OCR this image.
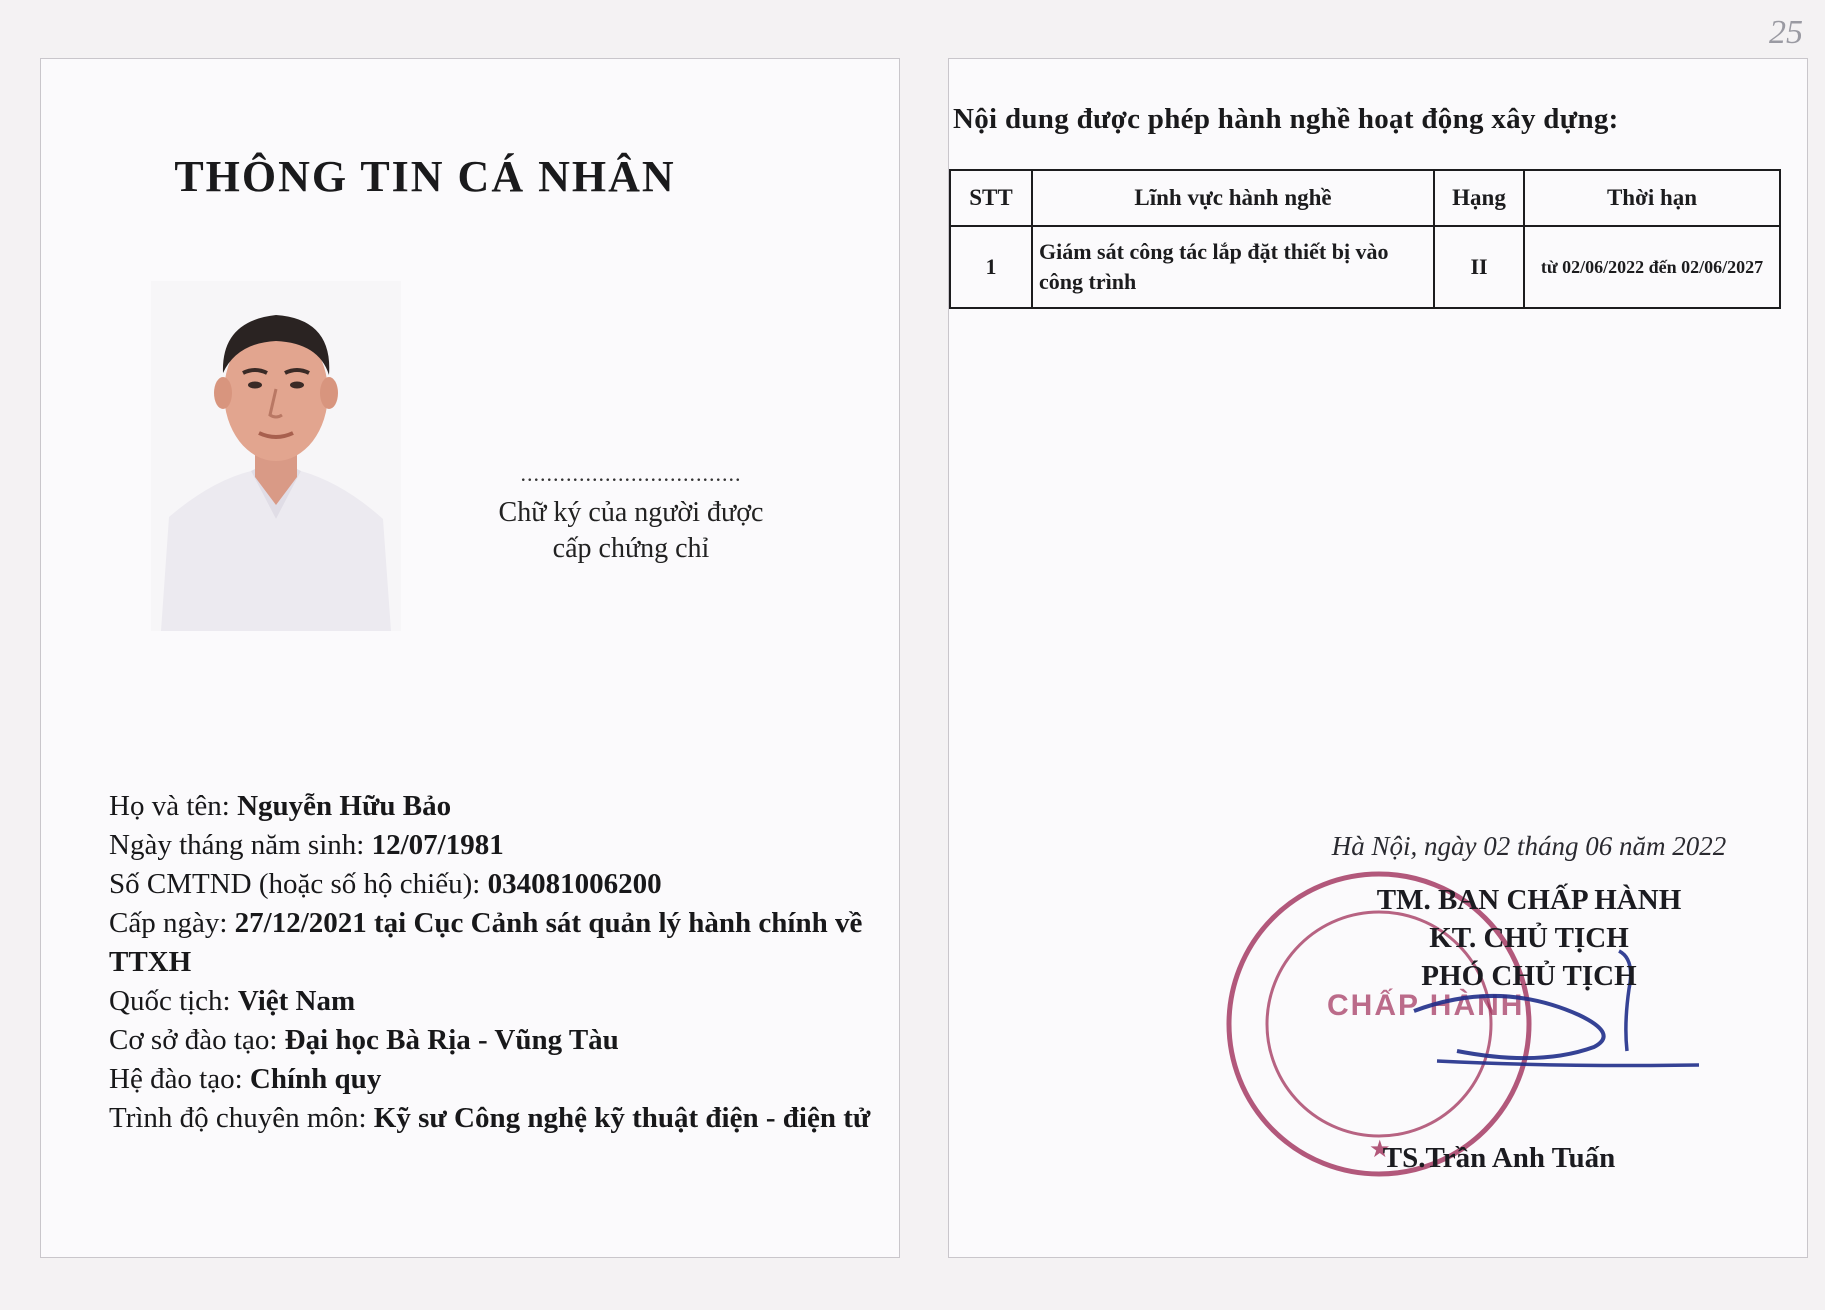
25
THÔNG TIN CÁ NHÂN
..................................
Chữ ký của người được
cấp chứng chỉ

Họ và tên: Nguyễn Hữu Bảo

Ngày tháng năm sinh: 12/07/1981

Số CMTND (hoặc số hộ chiếu): 034081006200

Cấp ngày: 27/12/2021 tại Cục Cảnh sát quản lý hành chính về TTXH

Quốc tịch: Việt Nam

Cơ sở đào tạo: Đại học Bà Rịa - Vũng Tàu

Hệ đào tạo: Chính quy

Trình độ chuyên môn: Kỹ sư Công nghệ kỹ thuật điện - điện tử

Nội dung được phép hành nghề hoạt động xây dựng:
STT	Lĩnh vực hành nghề	Hạng	Thời hạn
1	Giám sát công tác lắp đặt thiết bị vào công trình	II	từ 02/06/2022 đến 02/06/2027
CHẤP HÀNH
★
Hà Nội, ngày 02 tháng 06 năm 2022
TM. BAN CHẤP HÀNH
KT. CHỦ TỊCH
PHÓ CHỦ TỊCH
TS.Trần Anh Tuấn
